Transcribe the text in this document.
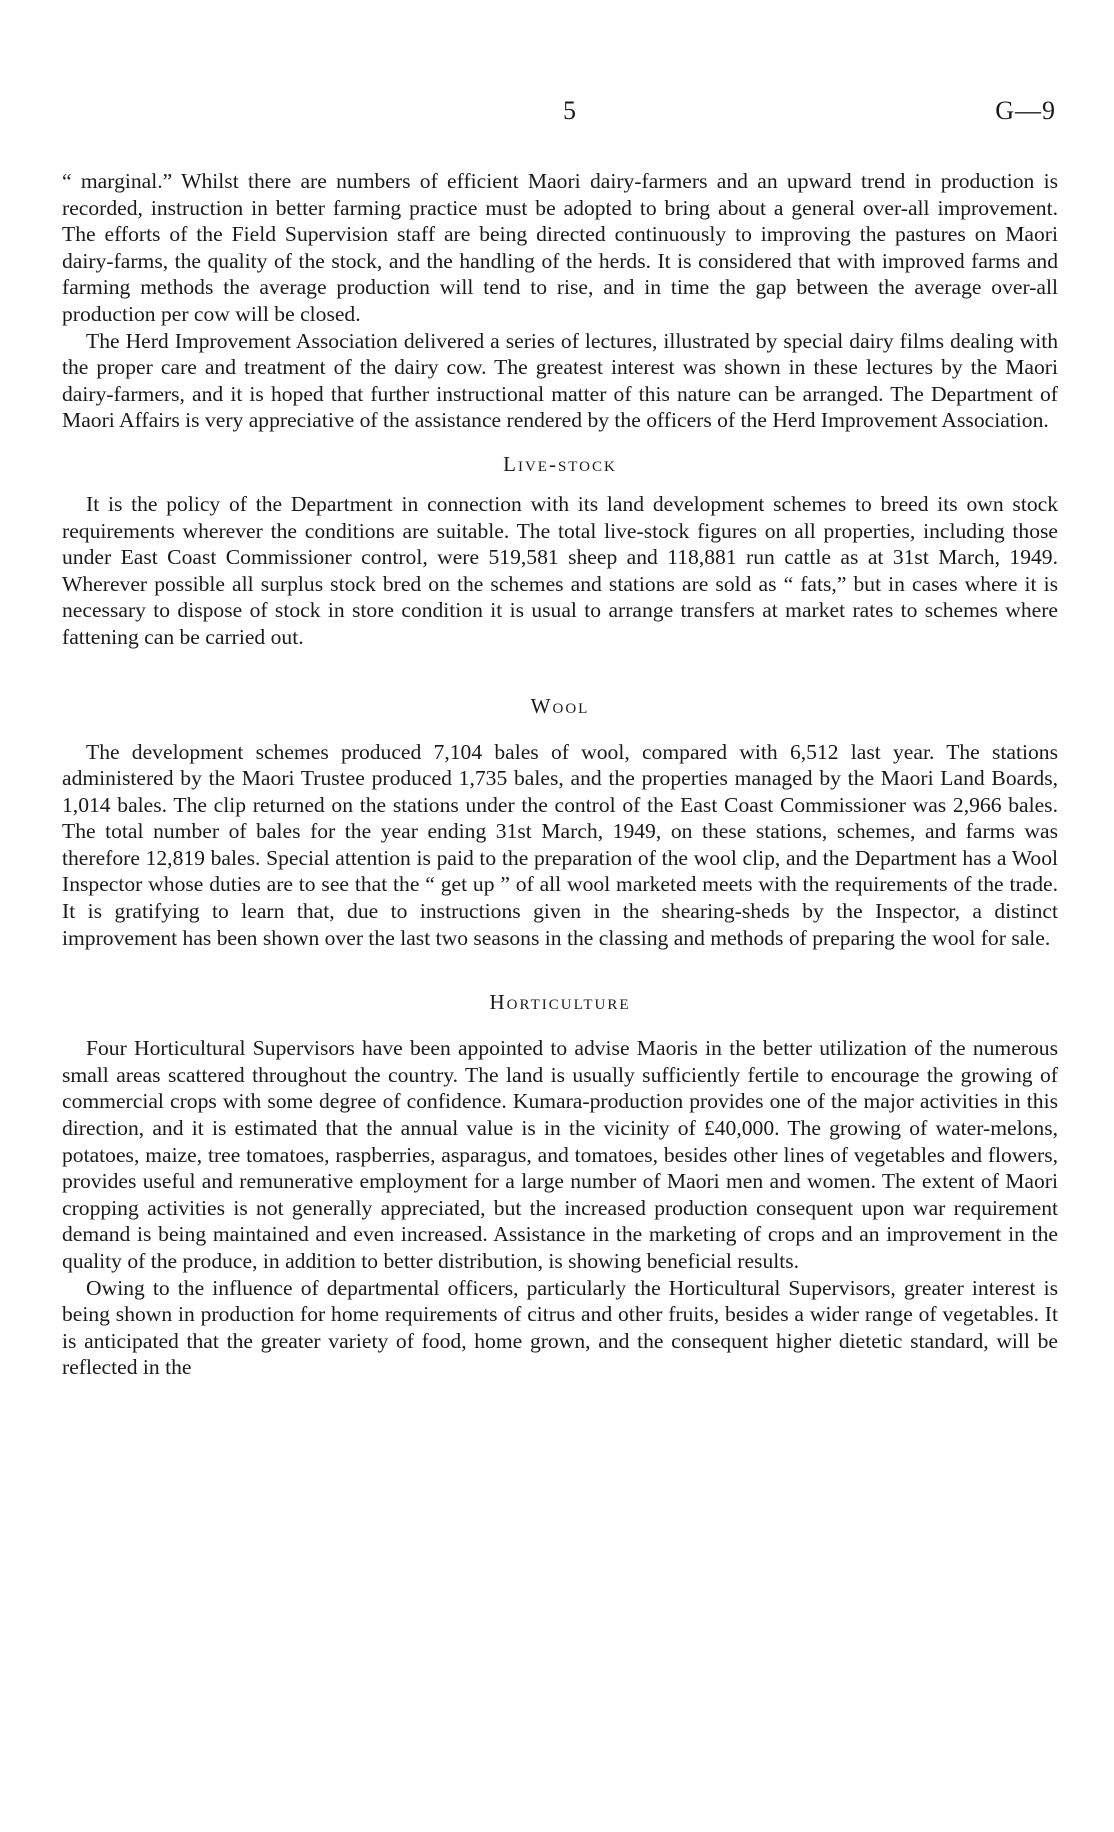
5	G—9

“ marginal.” Whilst there are numbers of efficient Maori dairy-farmers and an upward trend in production is recorded, instruction in better farming practice must be adopted to bring about a general over-all improvement. The efforts of the Field Supervision staff are being directed continuously to improving the pastures on Maori dairy-farms, the quality of the stock, and the handling of the herds. It is considered that with improved farms and farming methods the average production will tend to rise, and in time the gap between the average over-all production per cow will be closed.

The Herd Improvement Association delivered a series of lectures, illustrated by special dairy films dealing with the proper care and treatment of the dairy cow. The greatest interest was shown in these lectures by the Maori dairy-farmers, and it is hoped that further instructional matter of this nature can be arranged. The Department of Maori Affairs is very appreciative of the assistance rendered by the officers of the Herd Improvement Association.

Live-stock

It is the policy of the Department in connection with its land development schemes to breed its own stock requirements wherever the conditions are suitable. The total live-stock figures on all properties, including those under East Coast Commissioner control, were 519,581 sheep and 118,881 run cattle as at 31st March, 1949. Wherever possible all surplus stock bred on the schemes and stations are sold as “ fats,” but in cases where it is necessary to dispose of stock in store condition it is usual to arrange transfers at market rates to schemes where fattening can be carried out.

Wool

The development schemes produced 7,104 bales of wool, compared with 6,512 last year. The stations administered by the Maori Trustee produced 1,735 bales, and the properties managed by the Maori Land Boards, 1,014 bales. The clip returned on the stations under the control of the East Coast Commissioner was 2,966 bales. The total number of bales for the year ending 31st March, 1949, on these stations, schemes, and farms was therefore 12,819 bales. Special attention is paid to the preparation of the wool clip, and the Department has a Wool Inspector whose duties are to see that the “ get up ” of all wool marketed meets with the requirements of the trade. It is gratifying to learn that, due to instructions given in the shearing-sheds by the Inspector, a distinct improvement has been shown over the last two seasons in the classing and methods of preparing the wool for sale.

Horticulture

Four Horticultural Supervisors have been appointed to advise Maoris in the better utilization of the numerous small areas scattered throughout the country. The land is usually sufficiently fertile to encourage the growing of commercial crops with some degree of confidence. Kumara-production provides one of the major activities in this direction, and it is estimated that the annual value is in the vicinity of £40,000. The growing of water-melons, potatoes, maize, tree tomatoes, raspberries, asparagus, and tomatoes, besides other lines of vegetables and flowers, provides useful and remunerative employment for a large number of Maori men and women. The extent of Maori cropping activities is not generally appreciated, but the increased production consequent upon war requirement demand is being maintained and even increased. Assistance in the marketing of crops and an improvement in the quality of the produce, in addition to better distribution, is showing beneficial results.

Owing to the influence of departmental officers, particularly the Horticultural Supervisors, greater interest is being shown in production for home requirements of citrus and other fruits, besides a wider range of vegetables. It is anticipated that the greater variety of food, home grown, and the consequent higher dietetic standard, will be reflected in the
